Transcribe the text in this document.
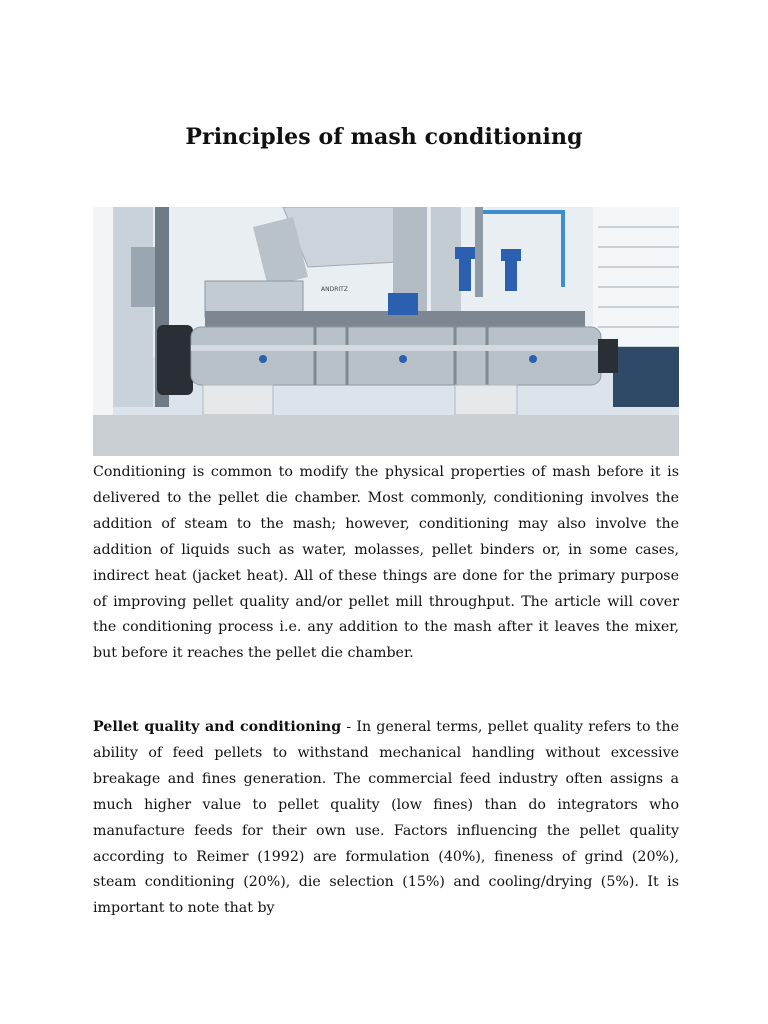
Principles of mash conditioning
ANDRITZ
Conditioning is common to modify the physical properties of mash before it is delivered to the pellet die chamber. Most commonly, conditioning involves the addition of steam to the mash; however, conditioning may also involve the addition of liquids such as water, molasses, pellet binders or, in some cases, indirect heat (jacket heat). All of these things are done for the primary purpose of improving pellet quality and/or pellet mill throughput. The article will cover the conditioning process i.e. any addition to the mash after it leaves the mixer, but before it reaches the pellet die chamber.
Pellet quality and conditioning - In general terms, pellet quality refers to the ability of feed pellets to withstand mechanical handling without excessive breakage and fines generation. The commercial feed industry often assigns a much higher value to pellet quality (low fines) than do integrators who manufacture feeds for their own use. Factors influencing the pellet quality according to Reimer (1992) are formulation (40%), fineness of grind (20%), steam conditioning (20%), die selection (15%) and cooling/drying (5%). It is important to note that by
